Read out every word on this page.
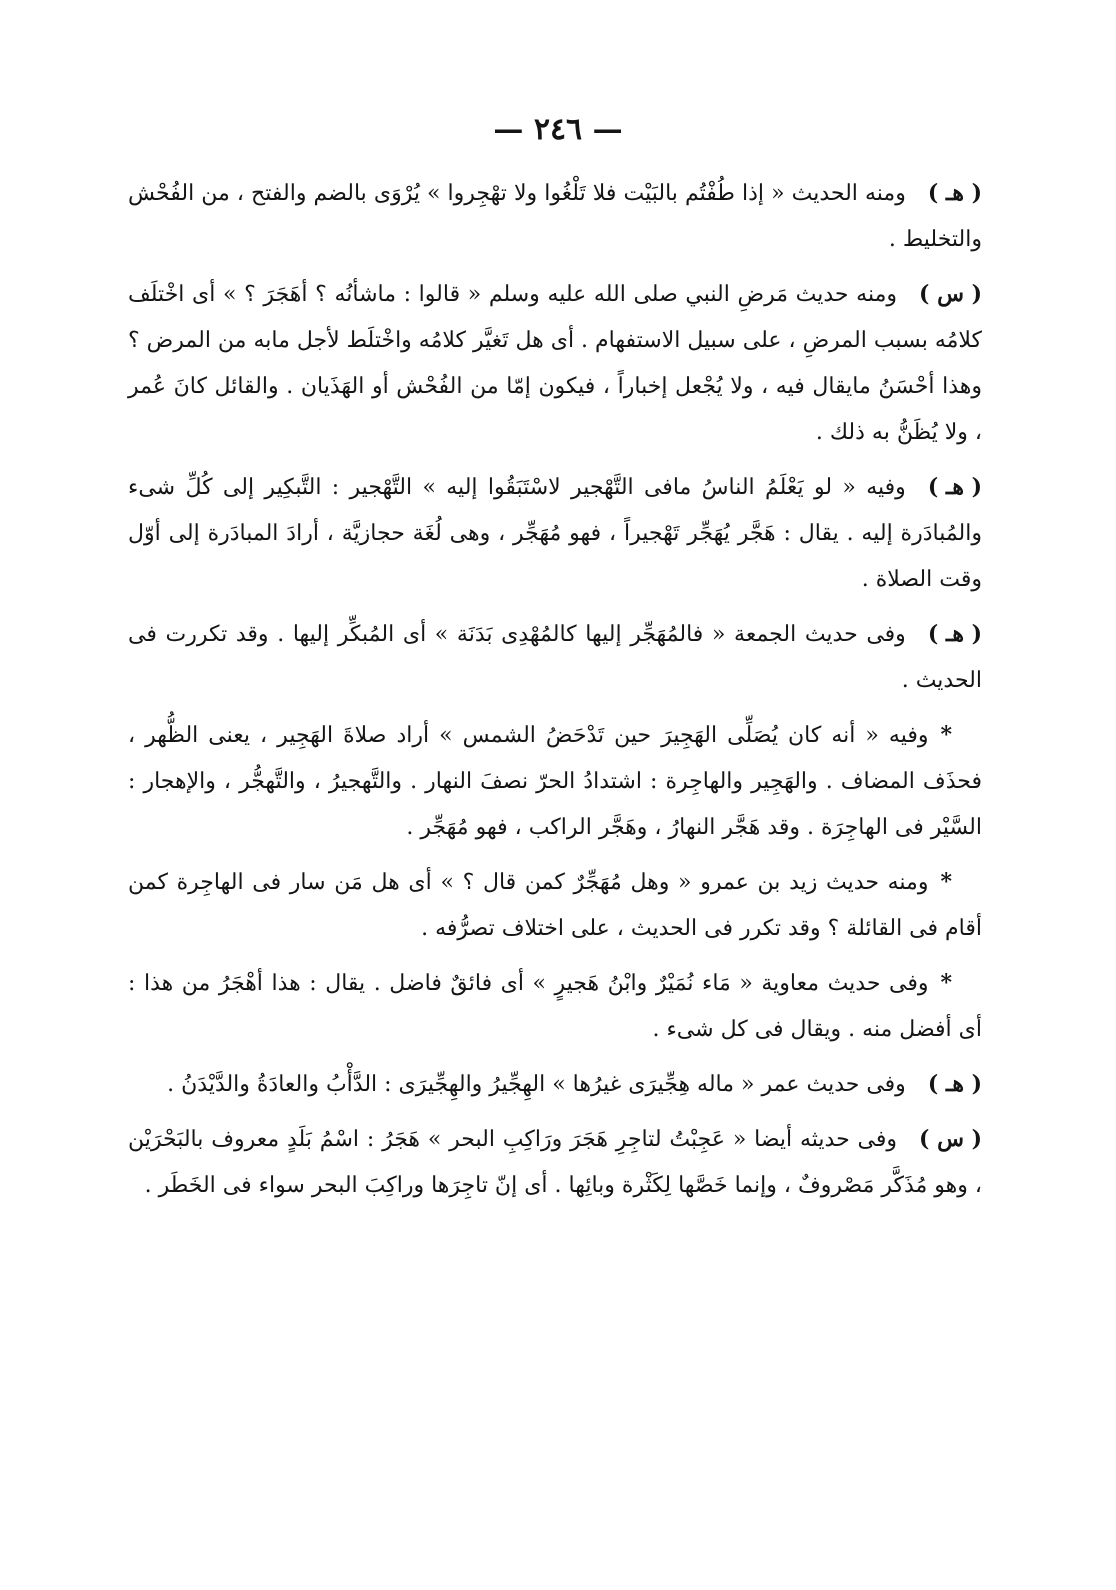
— ٢٤٦ —

( هـ )ومنه الحديث « إذا طُفْتُم بالبَيْت فلا تَلْغُوا ولا تهْجِروا » يُرْوَى بالضم والفتح ، من الفُحْش والتخليط .

( س )ومنه حديث مَرضِ النبي صلى الله عليه وسلم « قالوا : ماشأنُه ؟ أهَجَرَ ؟ » أى اخْتلَف كلامُه بسبب المرضِ ، على سبيل الاستفهام . أى هل تَغيَّر كلامُه واخْتلَط لأجل مابه من المرض ؟ وهذا أحْسَنُ مايقال فيه ، ولا يُجْعل إخباراً ، فيكون إمّا من الفُحْش أو الهَذَيان . والقائل كانَ عُمر ، ولا يُظَنُّ به ذلك .

( هـ )وفيه « لو يَعْلَمُ الناسُ مافى التَّهْجير لاسْتَبَقُوا إليه » التَّهْجير : التَّبكِير إلى كُلِّ شىء والمُبادَرة إليه . يقال : هَجَّر يُهَجِّر تَهْجيراً ، فهو مُهَجِّر ، وهى لُغَة حجازيَّة ، أرادَ المبادَرة إلى أوّل وقت الصلاة .

( هـ )وفى حديث الجمعة « فالمُهَجِّر إليها كالمُهْدِى بَدَنَة » أى المُبكِّر إليها . وقد تكررت فى الحديث .

*وفيه « أنه كان يُصَلِّى الهَجِيرَ حين تَدْحَضُ الشمس » أراد صلاةَ الهَجِير ، يعنى الظُّهر ، فحذَف المضاف . والهَجِير والهاجِرة : اشتدادُ الحرّ نصفَ النهار . والتَّهجيرُ ، والتَّهجُّر ، والإهجار : السَّيْر فى الهاجِرَة . وقد هَجَّر النهارُ ، وهَجَّر الراكب ، فهو مُهَجِّر .

*ومنه حديث زيد بن عمرو « وهل مُهَجِّرٌ كمن قال ؟ » أى هل مَن سار فى الهاجِرة كمن أقام فى القائلة ؟ وقد تكرر فى الحديث ، على اختلاف تصرُّفه .

*وفى حديث معاوية « مَاء نُمَيْرٌ وابْنُ هَجيرٍ » أى فائقٌ فاضل . يقال : هذا أهْجَرُ من هذا : أى أفضل منه . ويقال فى كل شىء .

( هـ )وفى حديث عمر « ماله هِجِّيرَى غيرُها » الهِجِّيرُ والهِجِّيرَى : الدَّأْبُ والعادَةُ والدَّيْدَنُ .

( س )وفى حديثه أيضا « عَجِبْتُ لتاجِرِ هَجَرَ ورَاكِبِ البحر » هَجَرُ : اسْمُ بَلَدٍ معروف بالبَحْرَيْن ، وهو مُذَكَّر مَصْروفٌ ، وإنما خَصَّها لِكَثْرة وبائِها . أى إنّ تاجِرَها وراكِبَ البحر سواء فى الخَطَر .
